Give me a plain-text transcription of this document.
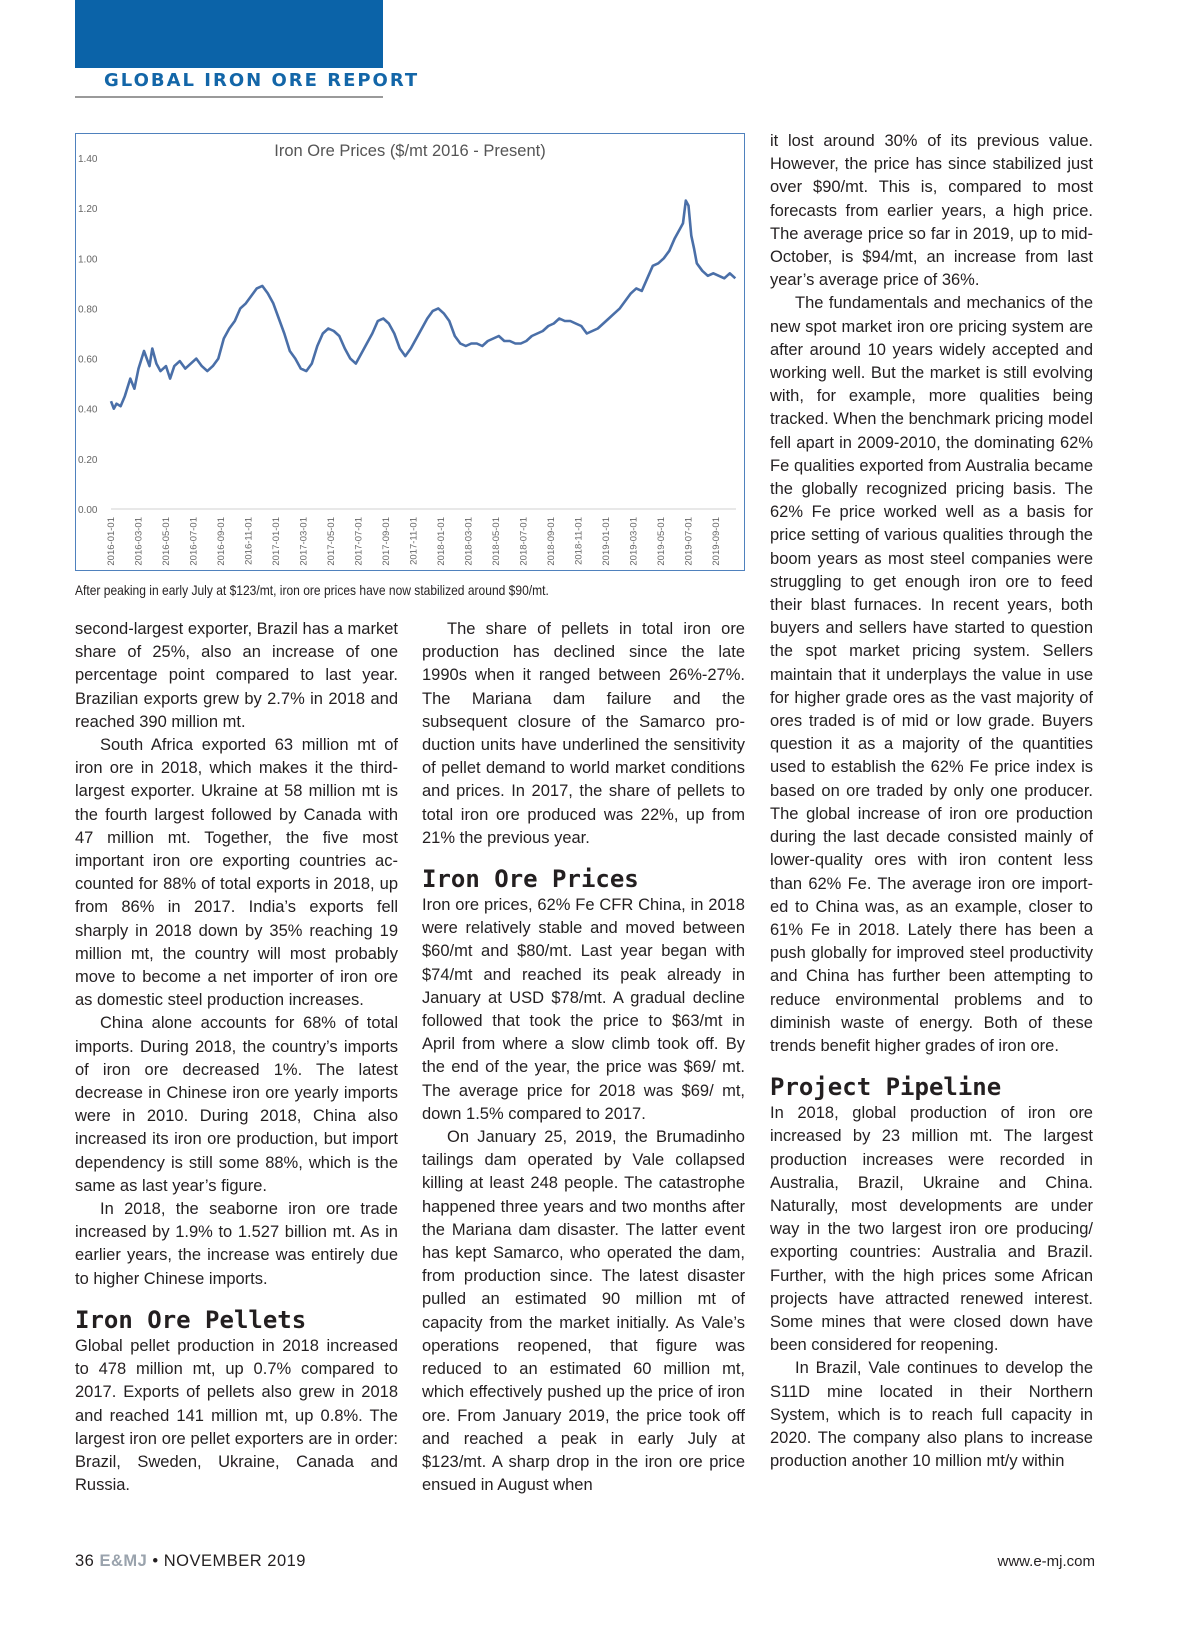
GLOBAL IRON ORE REPORT
Iron Ore Prices ($/mt 2016 - Present)
0.00
0.20
0.40
0.60
0.80
1.00
1.20
1.40
2016-01-01 2016-03-01 2016-05-01 2016-07-01 2016-09-01 2016-11-01 2017-01-01 2017-03-01 2017-05-01 2017-07-01 2017-09-01 2017-11-01 2018-01-01 2018-03-01 2018-05-01 2018-07-01 2018-09-01 2018-11-01 2019-01-01 2019-03-01 2019-05-01 2019-07-01 2019-09-01
After peaking in early July at $123/mt, iron ore prices have now stabilized around $90/mt.

second-largest exporter, Brazil has a market share of 25%, also an increase of one percentage point compared to last year. Brazilian exports grew by 2.7% in 2018 and reached 390 million mt.

South Africa exported 63 million mt of iron ore in 2018, which makes it the third-largest exporter. Ukraine at 58 million mt is the fourth largest followed by Canada with 47 million mt. Together, the five most important iron ore exporting countries accounted for 88% of total exports in 2018, up from 86% in 2017. India’s exports fell sharply in 2018 down by 35% reaching 19 million mt, the country will most probably move to become a net importer of iron ore as domestic steel production increases.

China alone accounts for 68% of total imports. During 2018, the country’s imports of iron ore decreased 1%. The latest decrease in Chinese iron ore yearly imports were in 2010. During 2018, China also increased its iron ore production, but import dependency is still some 88%, which is the same as last year’s figure.

In 2018, the seaborne iron ore trade increased by 1.9% to 1.527 billion mt. As in earlier years, the increase was entirely due to higher Chinese imports.

Iron Ore Pellets

Global pellet production in 2018 increased to 478 million mt, up 0.7% compared to 2017. Exports of pellets also grew in 2018 and reached 141 million mt, up 0.8%. The largest iron ore pellet exporters are in order: Brazil, Sweden, Ukraine, Canada and Russia.

The share of pellets in total iron ore production has declined since the late 1990s when it ranged between 26%-27%. The Mariana dam failure and the subsequent closure of the Samarco production units have underlined the sensitivity of pellet demand to world market conditions and prices. In 2017, the share of pellets to total iron ore produced was 22%, up from 21% the previous year.

Iron Ore Prices

Iron ore prices, 62% Fe CFR China, in 2018 were relatively stable and moved between $60/mt and $80/mt. Last year began with $74/mt and reached its peak already in January at USD $78/mt. A gradual decline followed that took the price to $63/mt in April from where a slow climb took off. By the end of the year, the price was $69/ mt. The average price for 2018 was $69/ mt, down 1.5% compared to 2017.

On January 25, 2019, the Brumadinho tailings dam operated by Vale collapsed killing at least 248 people. The catastrophe happened three years and two months after the Mariana dam disaster. The latter event has kept Samarco, who operated the dam, from production since. The latest disaster pulled an estimated 90 million mt of capacity from the market initially. As Vale’s operations reopened, that figure was reduced to an estimated 60 million mt, which effectively pushed up the price of iron ore. From January 2019, the price took off and reached a peak in early July at $123/mt. A sharp drop in the iron ore price ensued in August when

it lost around 30% of its previous value. However, the price has since stabilized just over $90/mt. This is, compared to most forecasts from earlier years, a high price. The average price so far in 2019, up to mid-October, is $94/mt, an increase from last year’s average price of 36%.

The fundamentals and mechanics of the new spot market iron ore pricing system are after around 10 years widely accepted and working well. But the market is still evolving with, for example, more qualities being tracked. When the benchmark pricing model fell apart in 2009-2010, the dominating 62% Fe qualities exported from Australia became the globally recognized pricing basis. The 62% Fe price worked well as a basis for price setting of various qualities through the boom years as most steel companies were struggling to get enough iron ore to feed their blast furnaces. In recent years, both buyers and sellers have started to question the spot market pricing system. Sellers maintain that it underplays the value in use for higher grade ores as the vast majority of ores traded is of mid or low grade. Buyers question it as a majority of the quantities used to establish the 62% Fe price index is based on ore traded by only one producer. The global increase of iron ore production during the last decade consisted mainly of lower-quality ores with iron content less than 62% Fe. The average iron ore imported to China was, as an example, closer to 61% Fe in 2018. Lately there has been a push globally for improved steel productivity and China has further been attempting to reduce environmental problems and to diminish waste of energy. Both of these trends benefit higher grades of iron ore.

Project Pipeline

In 2018, global production of iron ore increased by 23 million mt. The largest production increases were recorded in Australia, Brazil, Ukraine and China. Naturally, most developments are under way in the two largest iron ore producing/ exporting countries: Australia and Brazil. Further, with the high prices some African projects have attracted renewed interest. Some mines that were closed down have been considered for reopening.

In Brazil, Vale continues to develop the S11D mine located in their Northern System, which is to reach full capacity in 2020. The company also plans to increase production another 10 million mt/y within

36 E&MJ • NOVEMBER 2019	www.e-mj.com
